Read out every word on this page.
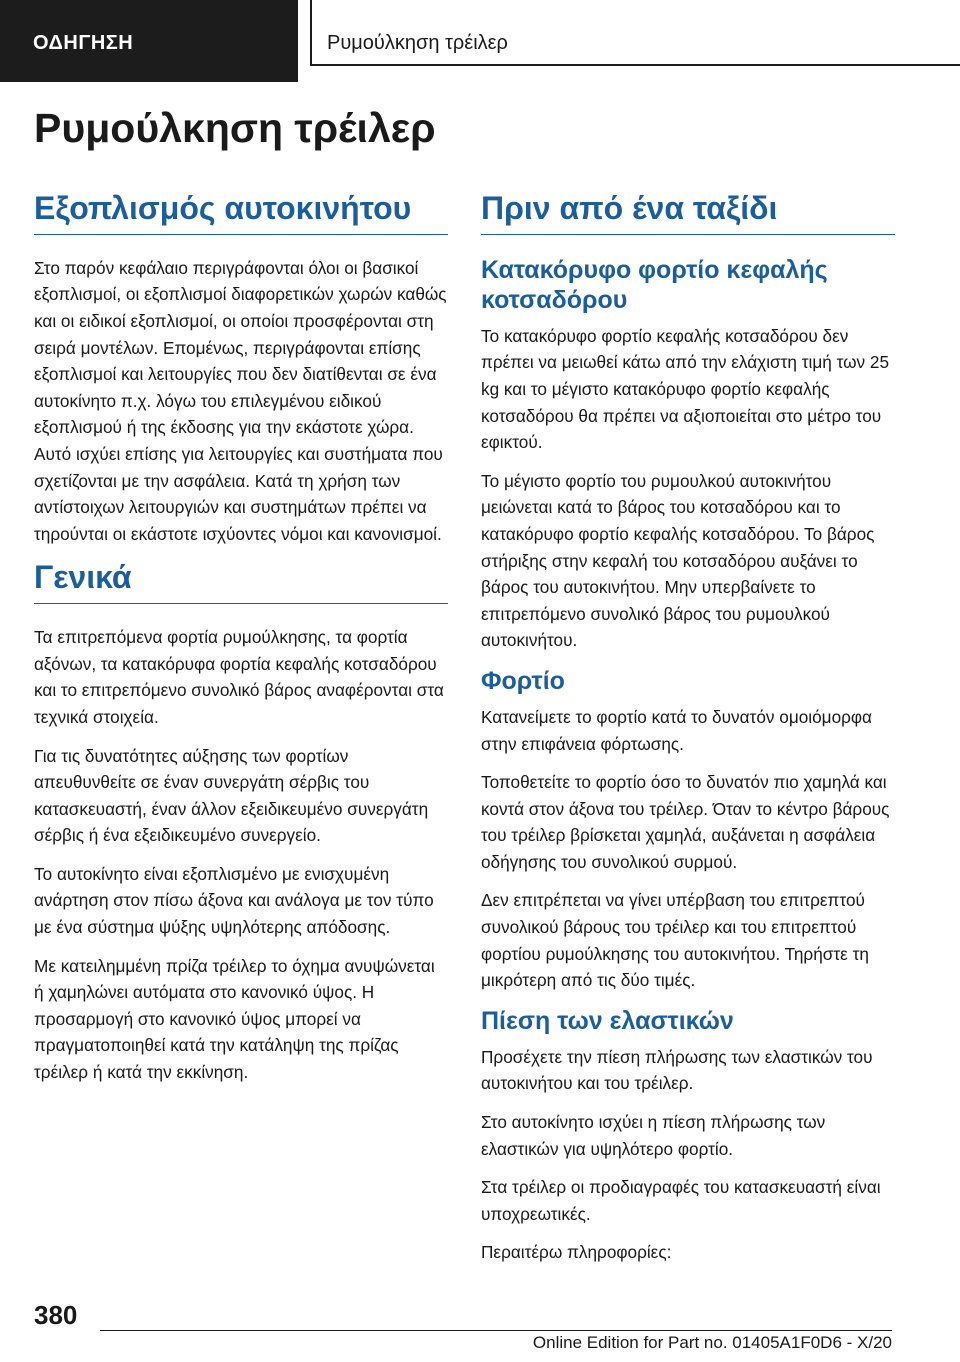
ΟΔΗΓΗΣΗ	Ρυμούλκηση τρέιλερ
Ρυμούλκηση τρέιλερ
Εξοπλισμός αυτοκινήτου

Στο παρόν κεφάλαιο περιγράφονται όλοι οι βασικοί εξοπλισμοί, οι εξοπλισμοί διαφορετικών χωρών καθώς και οι ειδικοί εξοπλισμοί, οι οποίοι προσφέρονται στη σειρά μοντέλων. Επομένως, περιγράφονται επίσης εξοπλισμοί και λειτουργίες που δεν διατίθενται σε ένα αυτοκίνητο π.χ. λόγω του επιλεγμένου ειδικού εξοπλισμού ή της έκδοσης για την εκάστοτε χώρα. Αυτό ισχύει επίσης για λειτουργίες και συστήματα που σχετίζονται με την ασφάλεια. Κατά τη χρήση των αντίστοιχων λειτουργιών και συστημάτων πρέπει να τηρούνται οι εκάστοτε ισχύοντες νόμοι και κανονισμοί.

Γενικά

Τα επιτρεπόμενα φορτία ρυμούλκησης, τα φορτία αξόνων, τα κατακόρυφα φορτία κεφαλής κοτσαδόρου και το επιτρεπόμενο συνολικό βάρος αναφέρονται στα τεχνικά στοιχεία.

Για τις δυνατότητες αύξησης των φορτίων απευθυνθείτε σε έναν συνεργάτη σέρβις του κατασκευαστή, έναν άλλον εξειδικευμένο συνεργάτη σέρβις ή ένα εξειδικευμένο συνεργείο.

Το αυτοκίνητο είναι εξοπλισμένο με ενισχυμένη ανάρτηση στον πίσω άξονα και ανάλογα με τον τύπο με ένα σύστημα ψύξης υψηλότερης απόδοσης.

Με κατειλημμένη πρίζα τρέιλερ το όχημα ανυψώνεται ή χαμηλώνει αυτόματα στο κανονικό ύψος. Η προσαρμογή στο κανονικό ύψος μπορεί να πραγματοποιηθεί κατά την κατάληψη της πρίζας τρέιλερ ή κατά την εκκίνηση.

Πριν από ένα ταξίδι
Κατακόρυφο φορτίο κεφαλής κοτσαδόρου

Το κατακόρυφο φορτίο κεφαλής κοτσαδόρου δεν πρέπει να μειωθεί κάτω από την ελάχιστη τιμή των 25 kg και το μέγιστο κατακόρυφο φορτίο κεφαλής κοτσαδόρου θα πρέπει να αξιοποιείται στο μέτρο του εφικτού.

Το μέγιστο φορτίο του ρυμουλκού αυτοκινήτου μειώνεται κατά το βάρος του κοτσαδόρου και το κατακόρυφο φορτίο κεφαλής κοτσαδόρου. Το βάρος στήριξης στην κεφαλή του κοτσαδόρου αυξάνει το βάρος του αυτοκινήτου. Μην υπερβαίνετε το επιτρεπόμενο συνολικό βάρος του ρυμουλκού αυτοκινήτου.

Φορτίο

Κατανείμετε το φορτίο κατά το δυνατόν ομοιόμορφα στην επιφάνεια φόρτωσης.

Τοποθετείτε το φορτίο όσο το δυνατόν πιο χαμηλά και κοντά στον άξονα του τρέιλερ. Όταν το κέντρο βάρους του τρέιλερ βρίσκεται χαμηλά, αυξάνεται η ασφάλεια οδήγησης του συνολικού συρμού.

Δεν επιτρέπεται να γίνει υπέρβαση του επιτρεπτού συνολικού βάρους του τρέιλερ και του επιτρεπτού φορτίου ρυμούλκησης του αυτοκινήτου. Τηρήστε τη μικρότερη από τις δύο τιμές.

Πίεση των ελαστικών

Προσέχετε την πίεση πλήρωσης των ελαστικών του αυτοκινήτου και του τρέιλερ.

Στο αυτοκίνητο ισχύει η πίεση πλήρωσης των ελαστικών για υψηλότερο φορτίο.

Στα τρέιλερ οι προδιαγραφές του κατασκευαστή είναι υποχρεωτικές.

Περαιτέρω πληροφορίες:

380
Online Edition for Part no. 01405A1F0D6 - X/20
